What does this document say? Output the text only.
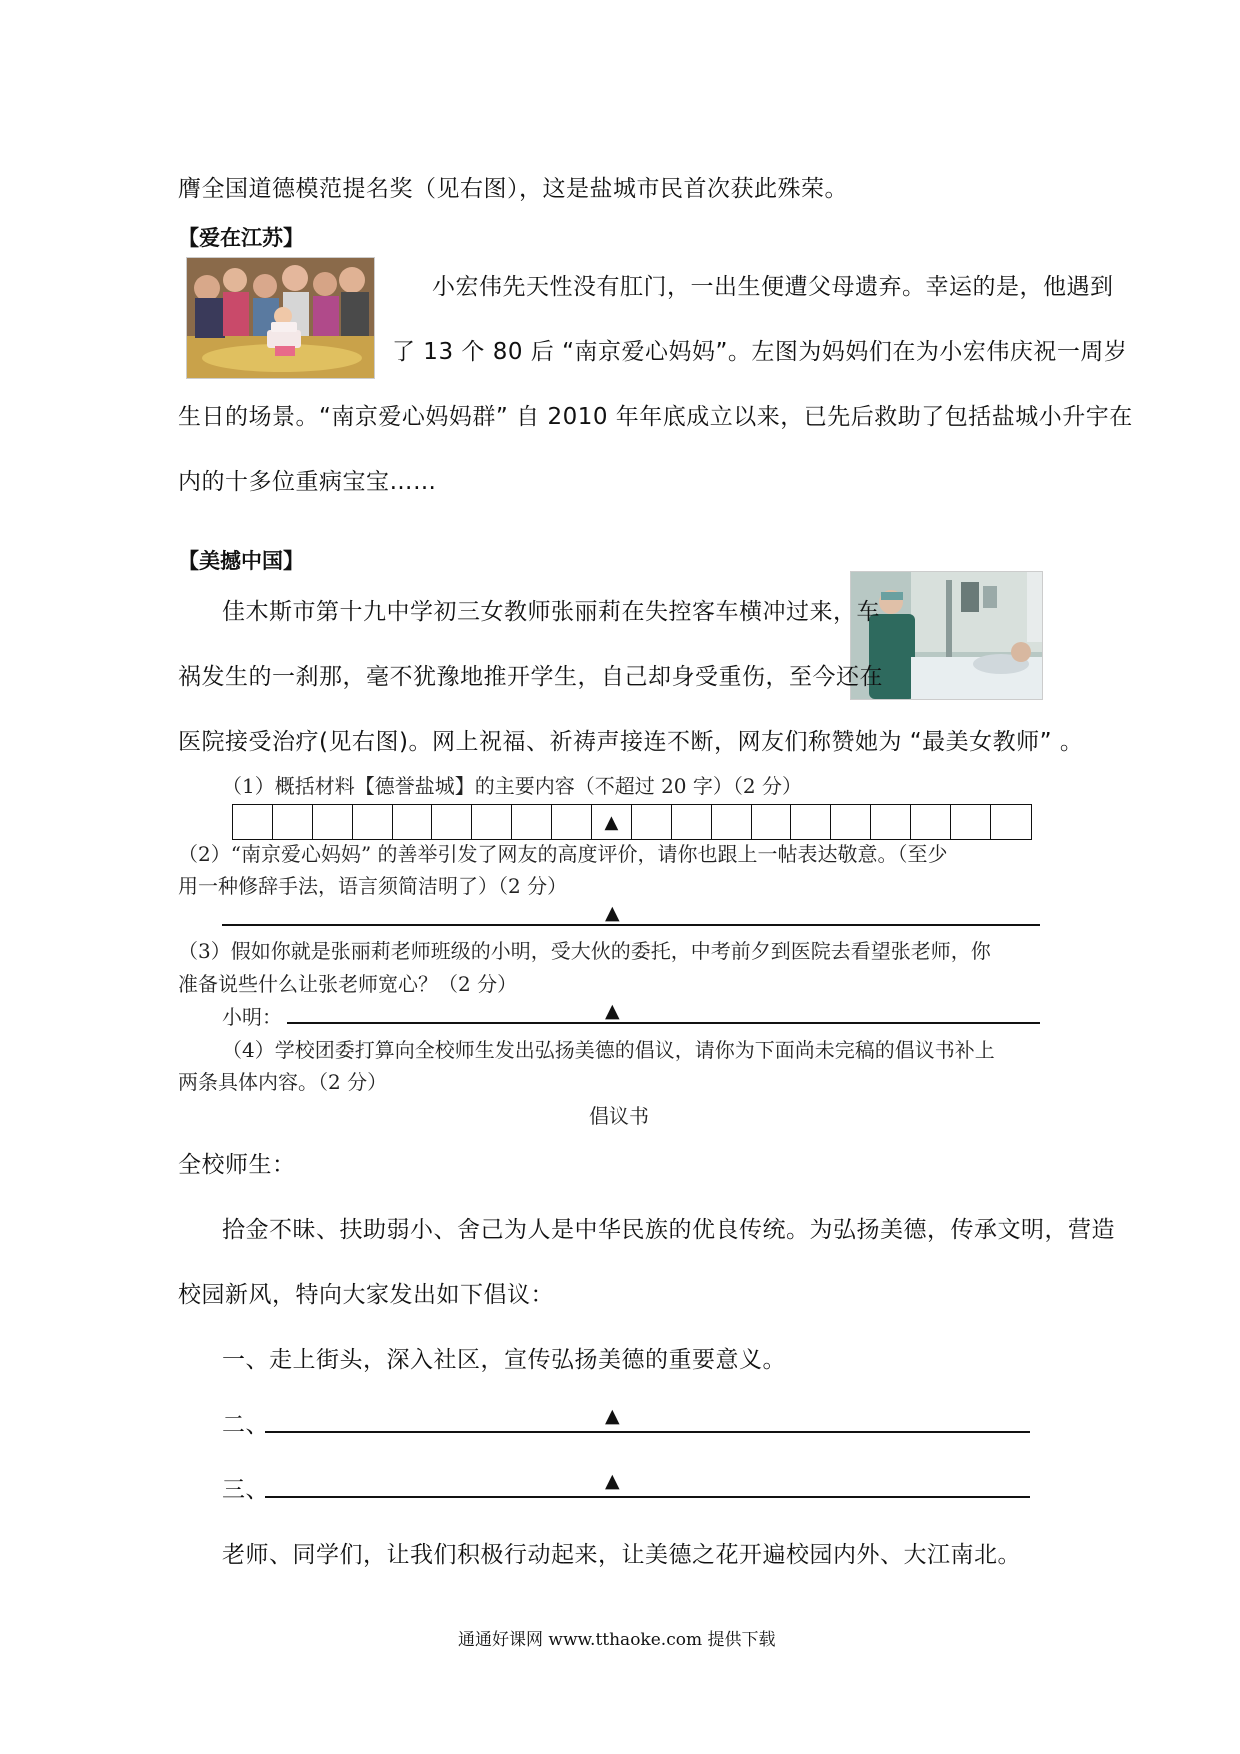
膺全国道德模范提名奖（见右图），这是盐城市民首次获此殊荣。
【爱在江苏】
小宏伟先天性没有肛门，一出生便遭父母遗弃。幸运的是，他遇到
了 13 个 80 后 “南京爱心妈妈”。左图为妈妈们在为小宏伟庆祝一周岁
生日的场景。“南京爱心妈妈群” 自 2010 年年底成立以来，已先后救助了包括盐城小升宇在
内的十多位重病宝宝……
【美撼中国】
佳木斯市第十九中学初三女教师张丽莉在失控客车横冲过来，车
祸发生的一刹那，毫不犹豫地推开学生，自己却身受重伤，至今还在
医院接受治疗(见右图)。网上祝福、祈祷声接连不断，网友们称赞她为 “最美女教师” 。
（1）概括材料【德誉盐城】的主要内容（不超过 20 字）（2 分）
▲
（2）“南京爱心妈妈” 的善举引发了网友的高度评价，请你也跟上一帖表达敬意。（至少
用一种修辞手法，语言须简洁明了）（2 分）
▲
（3）假如你就是张丽莉老师班级的小明，受大伙的委托，中考前夕到医院去看望张老师，你
准备说些什么让张老师宽心？（2 分）
小明：	▲
（4）学校团委打算向全校师生发出弘扬美德的倡议，请你为下面尚未完稿的倡议书补上
两条具体内容。（2 分）
倡议书
全校师生：
拾金不昧、扶助弱小、舍己为人是中华民族的优良传统。为弘扬美德，传承文明，营造
校园新风，特向大家发出如下倡议：
一、走上街头，深入社区，宣传弘扬美德的重要意义。
二、	▲
三、	▲
老师、同学们，让我们积极行动起来，让美德之花开遍校园内外、大江南北。
通通好课网 www.tthaoke.com 提供下载
